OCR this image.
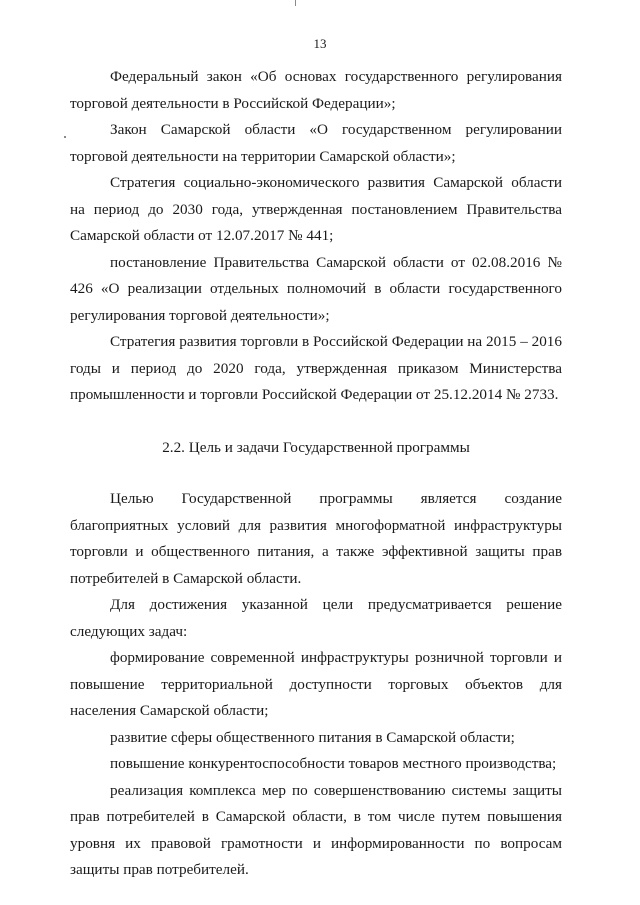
13

Федеральный закон «Об основах государственного регулирования торговой деятельности в Российской Федерации»;

Закон Самарской области «О государственном регулировании торговой деятельности на территории Самарской области»;

Стратегия социально-экономического развития Самарской области на период до 2030 года, утвержденная постановлением Правительства Самарской области от 12.07.2017 № 441;

постановление Правительства Самарской области от 02.08.2016 № 426 «О реализации отдельных полномочий в области государственного регулирования торговой деятельности»;

Стратегия развития торговли в Российской Федерации на 2015 – 2016 годы и период до 2020 года, утвержденная приказом Министерства промышленности и торговли Российской Федерации от 25.12.2014 № 2733.

2.2. Цель и задачи Государственной программы

Целью Государственной программы является создание благоприятных условий для развития многоформатной инфраструктуры торговли и общественного питания, а также эффективной защиты прав потребителей в Самарской области.

Для достижения указанной цели предусматривается решение следующих задач:

формирование современной инфраструктуры розничной торговли и повышение территориальной доступности торговых объектов для населения Самарской области;

развитие сферы общественного питания в Самарской области;

повышение конкурентоспособности товаров местного производства;

реализация комплекса мер по совершенствованию системы защиты прав потребителей в Самарской области, в том числе путем повышения уровня их правовой грамотности и информированности по вопросам защиты прав потребителей.
